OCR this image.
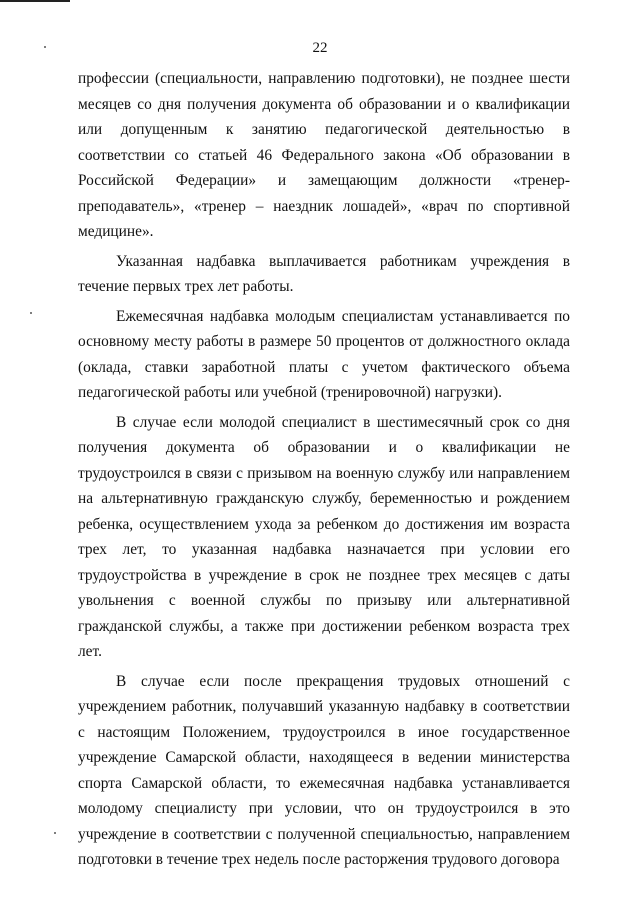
22

профессии (специальности, направлению подготовки), не позднее шести месяцев со дня получения документа об образовании и о квалификации или допущенным к занятию педагогической деятельностью в соответствии со статьей 46 Федерального закона «Об образовании в Российской Федерации» и замещающим должности «тренер-преподаватель», «тренер – наездник лошадей», «врач по спортивной медицине».

Указанная надбавка выплачивается работникам учреждения в течение первых трех лет работы.

Ежемесячная надбавка молодым специалистам устанавливается по основному месту работы в размере 50 процентов от должностного оклада (оклада, ставки заработной платы с учетом фактического объема педагогической работы или учебной (тренировочной) нагрузки).

В случае если молодой специалист в шестимесячный срок со дня получения документа об образовании и о квалификации не трудоустроился в связи с призывом на военную службу или направлением на альтернативную гражданскую службу, беременностью и рождением ребенка, осуществлением ухода за ребенком до достижения им возраста трех лет, то указанная надбавка назначается при условии его трудоустройства в учреждение в срок не позднее трех месяцев с даты увольнения с военной службы по призыву или альтернативной гражданской службы, а также при достижении ребенком возраста трех лет.

В случае если после прекращения трудовых отношений с учреждением работник, получавший указанную надбавку в соответствии с настоящим Положением, трудоустроился в иное государственное учреждение Самарской области, находящееся в ведении министерства спорта Самарской области, то ежемесячная надбавка устанавливается молодому специалисту при условии, что он трудоустроился в это учреждение в соответствии с полученной специальностью, направлением подготовки в течение трех недель после расторжения трудового договора
